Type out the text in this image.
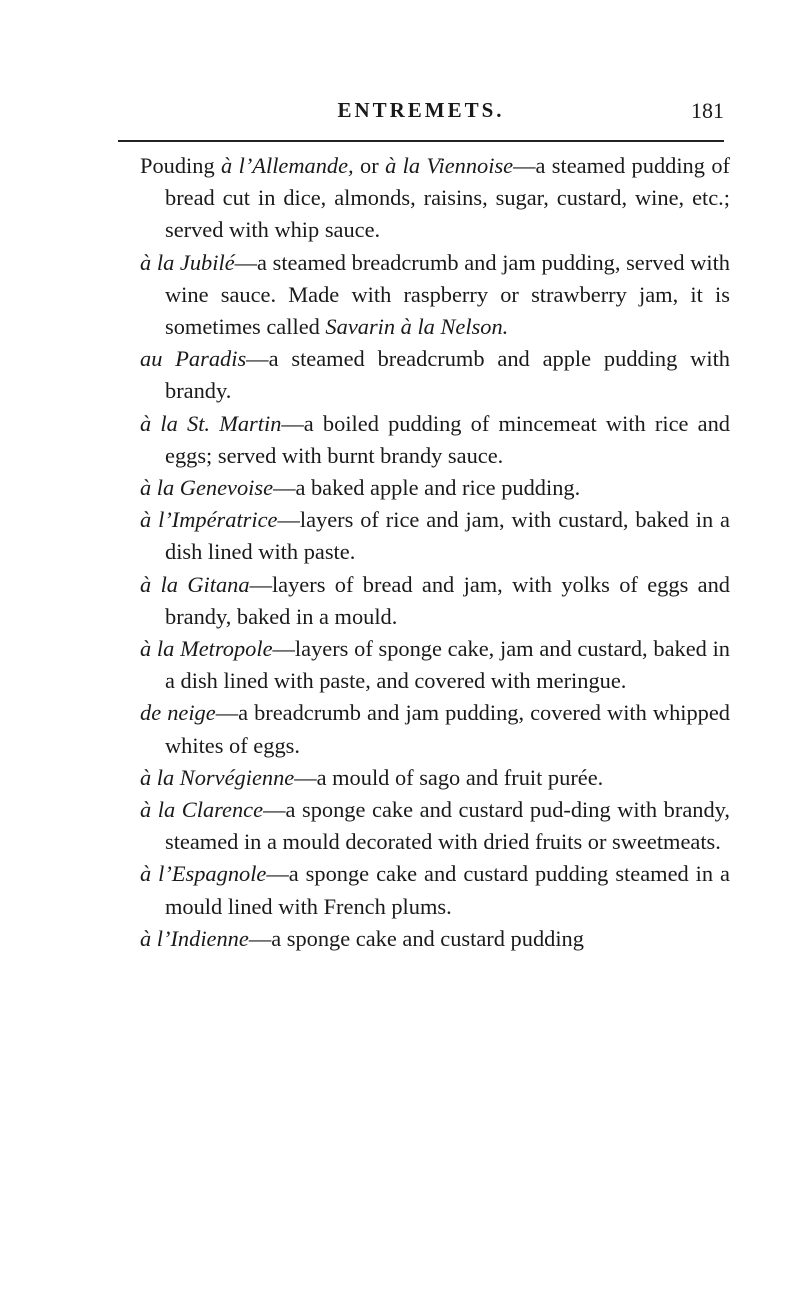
ENTREMETS.	181

Pouding à l’Allemande, or à la Viennoise—a steamed pudding of bread cut in dice, almonds, raisins, sugar, custard, wine, etc.; served with whip sauce.

à la Jubilé—a steamed breadcrumb and jam pudding, served with wine sauce. Made with raspberry or strawberry jam, it is sometimes called Savarin à la Nelson.

au Paradis—a steamed breadcrumb and apple pudding with brandy.

à la St. Martin—a boiled pudding of mincemeat with rice and eggs; served with burnt brandy sauce.

à la Genevoise—a baked apple and rice pudding.

à l’Impératrice—layers of rice and jam, with custard, baked in a dish lined with paste.

à la Gitana—layers of bread and jam, with yolks of eggs and brandy, baked in a mould.

à la Metropole—layers of sponge cake, jam and custard, baked in a dish lined with paste, and covered with meringue.

de neige—a breadcrumb and jam pudding, covered with whipped whites of eggs.

à la Norvégienne—a mould of sago and fruit purée.

à la Clarence—a sponge cake and custard pud-ding with brandy, steamed in a mould decorated with dried fruits or sweetmeats.

à l’Espagnole—a sponge cake and custard pudding steamed in a mould lined with French plums.

à l’Indienne—a sponge cake and custard pudding
